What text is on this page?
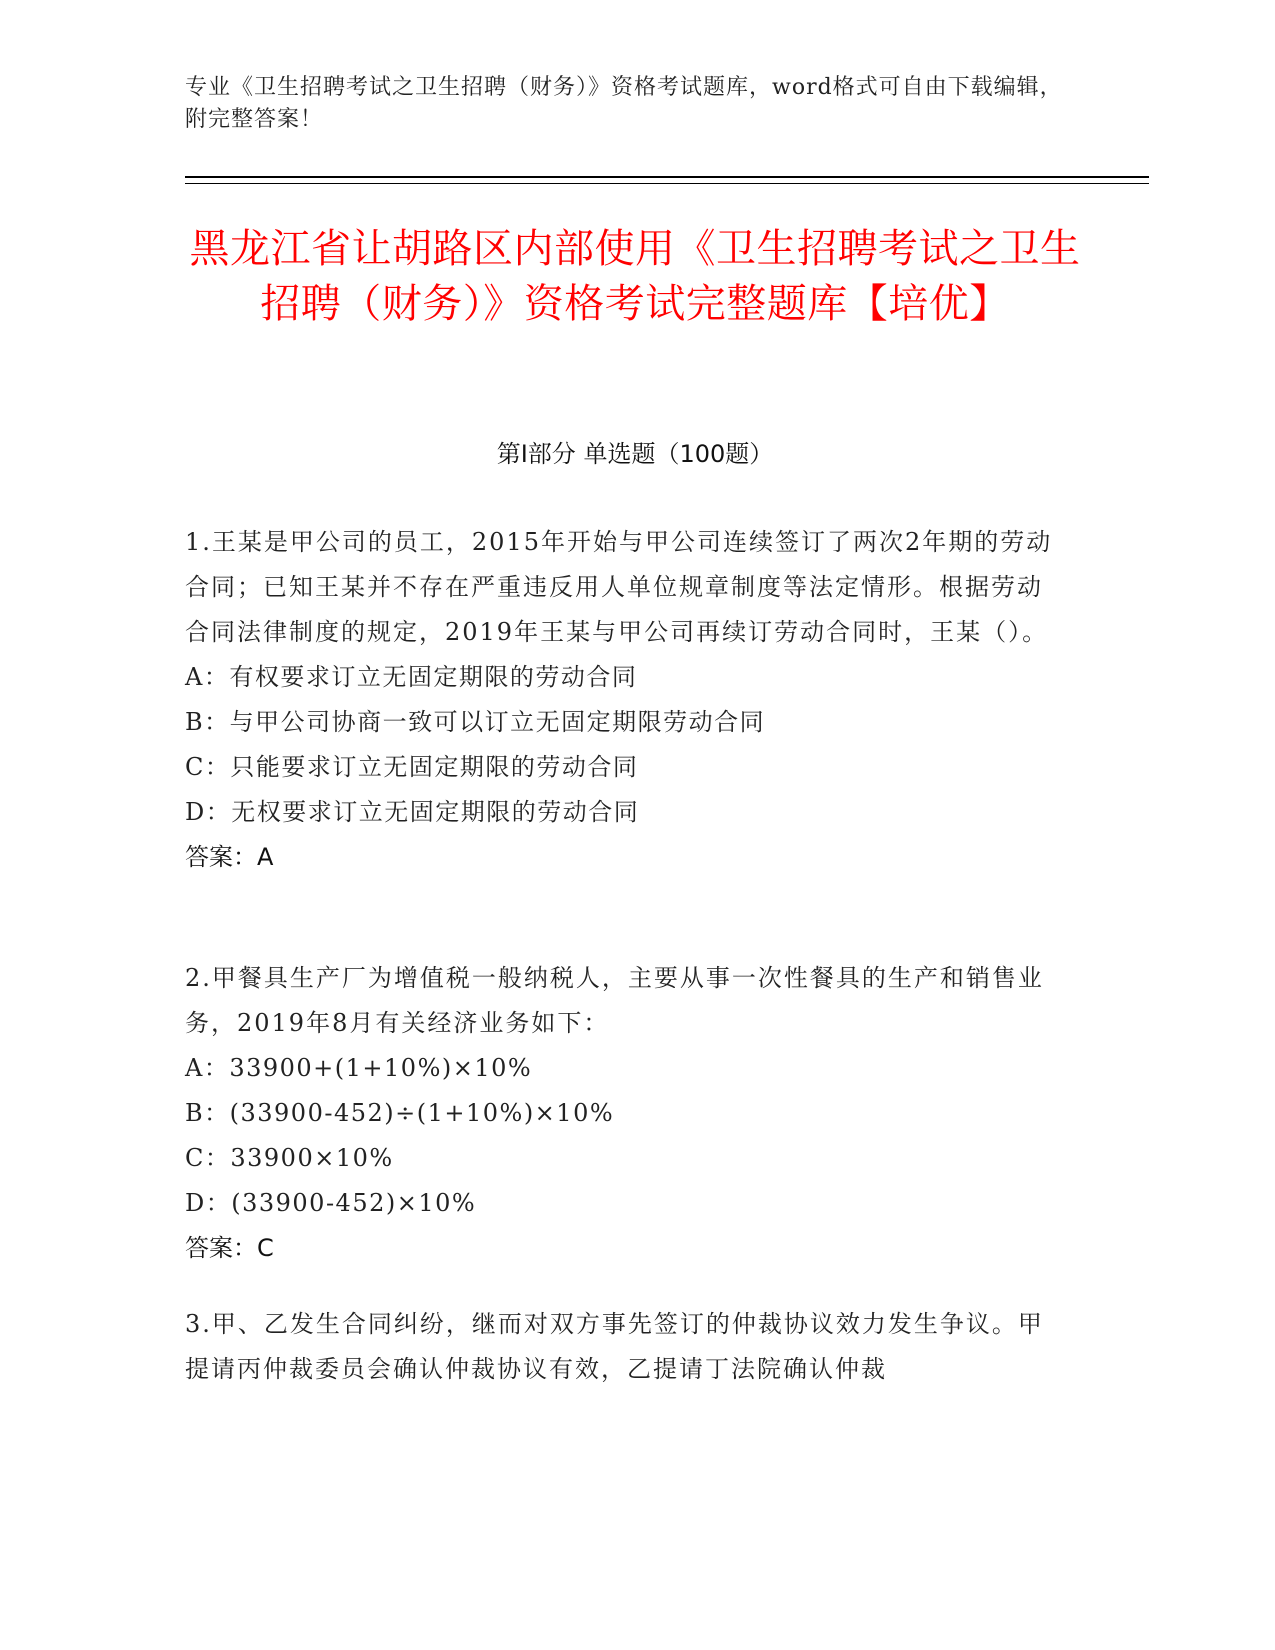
专业《卫生招聘考试之卫生招聘（财务）》资格考试题库，word格式可自由下载编辑，附完整答案！
黑龙江省让胡路区内部使用《卫生招聘考试之卫生招聘（财务）》资格考试完整题库【培优】
第Ⅰ部分 单选题（100题）

1.王某是甲公司的员工，2015年开始与甲公司连续签订了两次2年期的劳动合同；已知王某并不存在严重违反用人单位规章制度等法定情形。根据劳动合同法律制度的规定，2019年王某与甲公司再续订劳动合同时，王某（）。

A：有权要求订立无固定期限的劳动合同

B：与甲公司协商一致可以订立无固定期限劳动合同

C：只能要求订立无固定期限的劳动合同

D：无权要求订立无固定期限的劳动合同

答案：A

2.甲餐具生产厂为增值税一般纳税人，主要从事一次性餐具的生产和销售业务，2019年8月有关经济业务如下：

A：33900+(1+10%)×10%

B：(33900-452)÷(1+10%)×10%

C：33900×10%

D：(33900-452)×10%

答案：C

3.甲、乙发生合同纠纷，继而对双方事先签订的仲裁协议效力发生争议。甲提请丙仲裁委员会确认仲裁协议有效，乙提请丁法院确认仲裁
